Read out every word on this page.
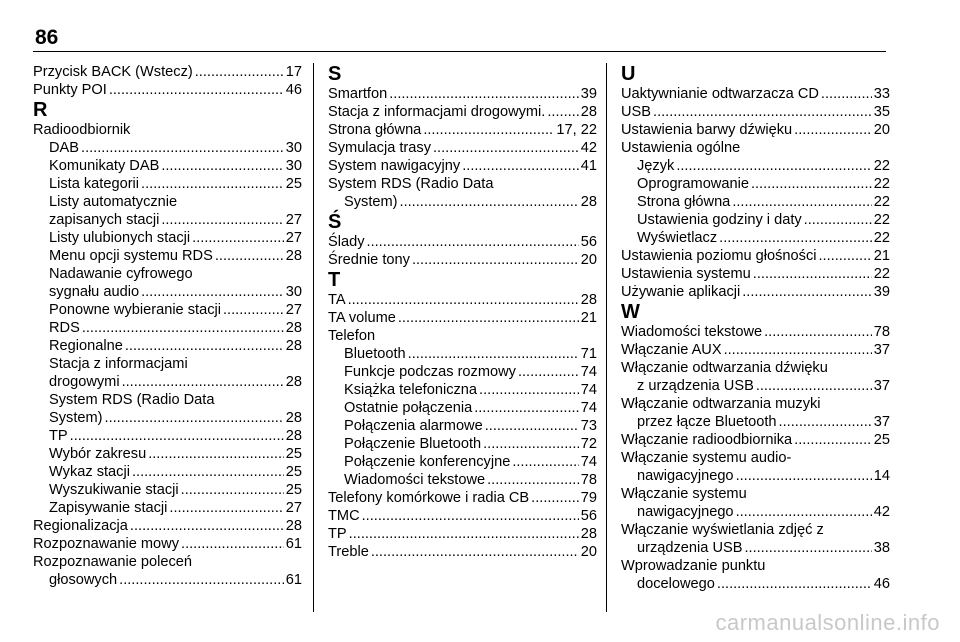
86
Przycisk BACK (Wstecz) .....	17
Punkty POI .....	46
R
Radioodbiornik
DAB .....	30
Komunikaty DAB .....	30
Lista kategorii .....	25
Listy automatycznie
zapisanych stacji .....	27
Listy ulubionych stacji .....	27
Menu opcji systemu RDS .....	28
Nadawanie cyfrowego
sygnału audio .....	30
Ponowne wybieranie stacji .....	27
RDS .....	28
Regionalne .....	28
Stacja z informacjami
drogowymi .....	28
System RDS (Radio Data
System) .....	28
TP .....	28
Wybór zakresu .....	25
Wykaz stacji .....	25
Wyszukiwanie stacji .....	25
Zapisywanie stacji .....	27
Regionalizacja .....	28
Rozpoznawanie mowy .....	61
Rozpoznawanie poleceń
głosowych .....	61
S
Smartfon .....	39
Stacja z informacjami drogowymi. ..... 28
Strona główna .....	17, 22
Symulacja trasy .....	42
System nawigacyjny .....	41
System RDS (Radio Data
System) .....	28
Ś
Ślady .....	56
Średnie tony .....	20
T
TA .....	28
TA volume .....	21
Telefon
Bluetooth .....	71
Funkcje podczas rozmowy .....	74
Książka telefoniczna .....	74
Ostatnie połączenia .....	74
Połączenia alarmowe .....	73
Połączenie Bluetooth .....	72
Połączenie konferencyjne .....	74
Wiadomości tekstowe .....	78
Telefony komórkowe i radia CB .....	79
TMC .....	56
TP .....	28
Treble .....	20
U
Uaktywnianie odtwarzacza CD .....	33
USB .....	35
Ustawienia barwy dźwięku .....	20
Ustawienia ogólne
Język .....	22
Oprogramowanie .....	22
Strona główna .....	22
Ustawienia godziny i daty .....	22
Wyświetlacz .....	22
Ustawienia poziomu głośności .....	21
Ustawienia systemu .....	22
Używanie aplikacji .....	39
W
Wiadomości tekstowe .....	78
Włączanie AUX .....	37
Włączanie odtwarzania dźwięku
z urządzenia USB .....	37
Włączanie odtwarzania muzyki
przez łącze Bluetooth .....	37
Włączanie radioodbiornika .....	25
Włączanie systemu audio-
nawigacyjnego .....	14
Włączanie systemu
nawigacyjnego .....	42
Włączanie wyświetlania zdjęć z
urządzenia USB .....	38
Wprowadzanie punktu
docelowego .....	46
carmanualsonline.info
